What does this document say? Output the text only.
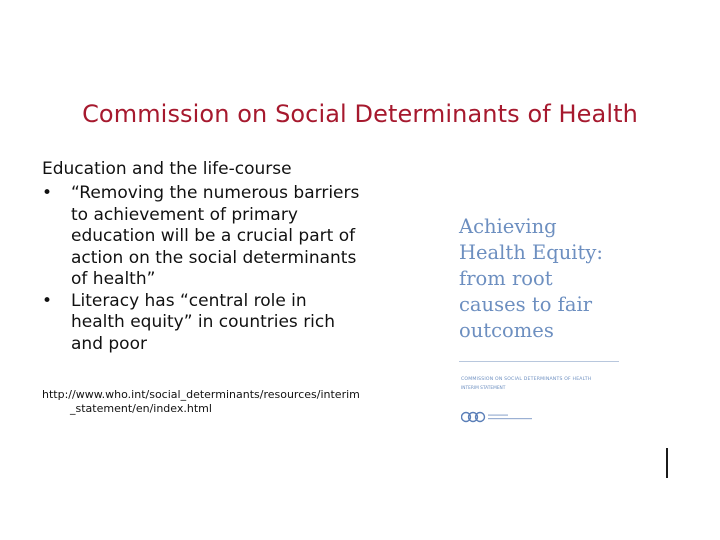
Commission on Social Determinants of Health
Education and the life-course
•	“Removing the numerous barriers to achievement of primary education will be a crucial part of action on the social determinants of health”
•	Literacy has “central role in health equity” in countries rich and poor
http://www.who.int/social_determinants/resources/interim_statement/en/index.html
Achieving
Health Equity:
from root
causes to fair
outcomes
COMMISSION ON SOCIAL DETERMINANTS OF HEALTH
INTERIM STATEMENT
